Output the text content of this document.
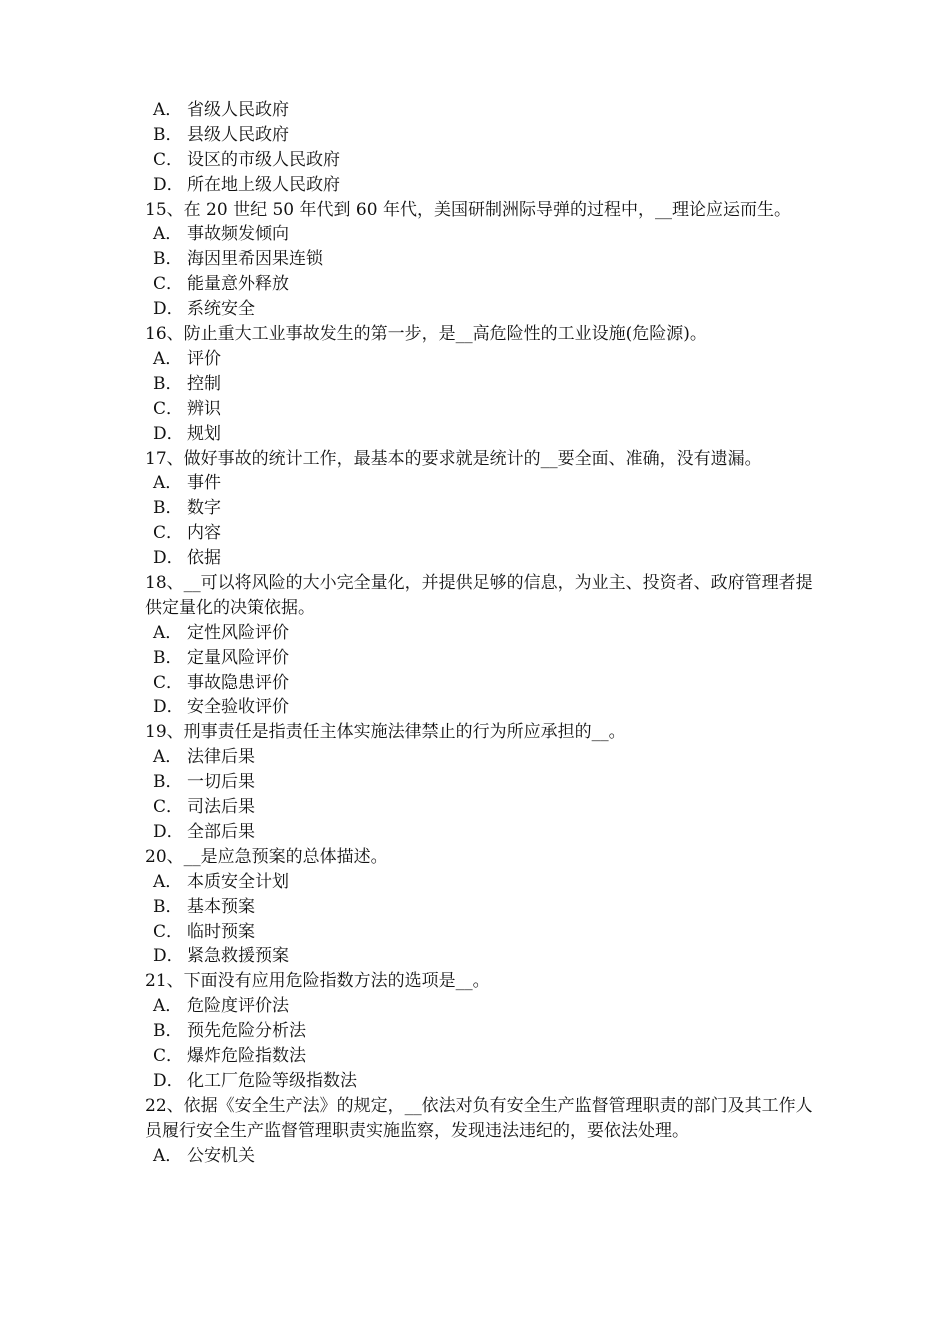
A． 省级人民政府
B． 县级人民政府
C． 设区的市级人民政府
D． 所在地上级人民政府
15、在 20 世纪 50 年代到 60 年代，美国研制洲际导弹的过程中，__理论应运而生。
A． 事故频发倾向
B． 海因里希因果连锁
C． 能量意外释放
D． 系统安全
16、防止重大工业事故发生的第一步，是__高危险性的工业设施(危险源)。
A． 评价
B． 控制
C． 辨识
D． 规划
17、做好事故的统计工作，最基本的要求就是统计的__要全面、准确，没有遗漏。
A． 事件
B． 数字
C． 内容
D． 依据
18、__可以将风险的大小完全量化，并提供足够的信息，为业主、投资者、政府管理者提供定量化的决策依据。
A． 定性风险评价
B． 定量风险评价
C． 事故隐患评价
D． 安全验收评价
19、刑事责任是指责任主体实施法律禁止的行为所应承担的__。
A． 法律后果
B． 一切后果
C． 司法后果
D． 全部后果
20、__是应急预案的总体描述。
A． 本质安全计划
B． 基本预案
C． 临时预案
D． 紧急救援预案
21、下面没有应用危险指数方法的选项是__。
A． 危险度评价法
B． 预先危险分析法
C． 爆炸危险指数法
D． 化工厂危险等级指数法
22、依据《安全生产法》的规定，__依法对负有安全生产监督管理职责的部门及其工作人员履行安全生产监督管理职责实施监察，发现违法违纪的，要依法处理。
A． 公安机关
